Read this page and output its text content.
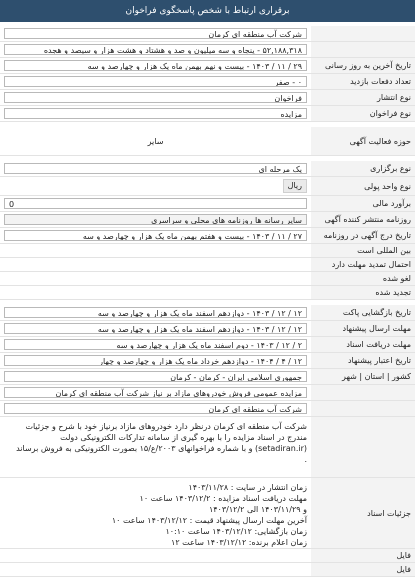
برقراری ارتباط با شخص پاسخگوی فراخوان
شرکت آب منطقه ای کرمان
۵۲,۱۸۸,۳۱۸ - پنجاه و سه میلیون و صد و هشتاد و هشت هزار و سیصد و هجده
تاریخ آخرین به روز رسانی
۲۹ / ۱۱ / ۱۴۰۳ - بیست و نهم بهمن ماه یک هزار و چهارصد و سه
تعداد دفعات بازدید
۰ - صفر
نوع انتشار
فراخوان
نوع فراخوان
مزایده
حوزه فعالیت آگهی
سایر
نوع برگزاری
یک مرحله ای
نوع واحد پولی
ریال
برآورد مالی
0
روزنامه منتشر کننده آگهی
سایر رسانه ها روزنامه های محلی و سراسری
تاریخ درج آگهی در روزنامه
۲۷ / ۱۱ / ۱۴۰۳ - بیست و هفتم بهمن ماه یک هزار و چهارصد و سه
بین المللی است
احتمال تمدید مهلت دارد
لغو شده
تجدید شده
تاریخ بازگشایی پاکت
۱۲ / ۱۲ / ۱۴۰۳ - دوازدهم اسفند ماه یک هزار و چهارصد و سه
مهلت ارسال پیشنهاد
۱۲ / ۱۲ / ۱۴۰۳ - دوازدهم اسفند ماه یک هزار و چهارصد و سه
مهلت دریافت اسناد
۲ / ۱۲ / ۱۴۰۳ - دوم اسفند ماه یک هزار و چهارصد و سه
تاریخ اعتبار پیشنهاد
۱۲ / ۴ / ۱۴۰۴ - دوازدهم خرداد ماه یک هزار و چهارصد و چهار
کشور | استان | شهر
جمهوری اسلامی ایران - کرمان - کرمان
مزایده عمومی فروش خودروهای مازاد بر نیاز شرکت آب منطقه ای کرمان
شرکت آب منطقه ای کرمان
شرکت آب منطقه ای کرمان درنظر دارد خودروهای مازاد برنیاز خود با شرح و جزئیات
مندرج در اسناد مزایده را با بهره گیری از سامانه تدارکات الکترونیکی دولت
(setadiran.ir) و با شماره فراخوانهای ۲۰۰۳/ع/۱۵ بصورت الکترونیکی به فروش برساند
.
جزئیات اسناد
زمان انتشار در سایت : ۱۴۰۳/۱۱/۲۸
مهلت دریافت اسناد مزایده : ۱۴۰۳/۱۲/۲ ساعت ۱۰
و ۱۴۰۳/۱۱/۲۹ الی ۱۴۰۳/۱۲/۲
آخرین مهلت ارسال پیشنهاد قیمت : ۱۴۰۳/۱۲/۱۲ ساعت ۱۰
زمان بازگشایی: ۱۴۰۳/۱۲/۱۲ ساعت ۱۰:۱۰
زمان اعلام برنده: ۱۴۰۳/۱۲/۱۲ ساعت ۱۲
فایل
فایل
